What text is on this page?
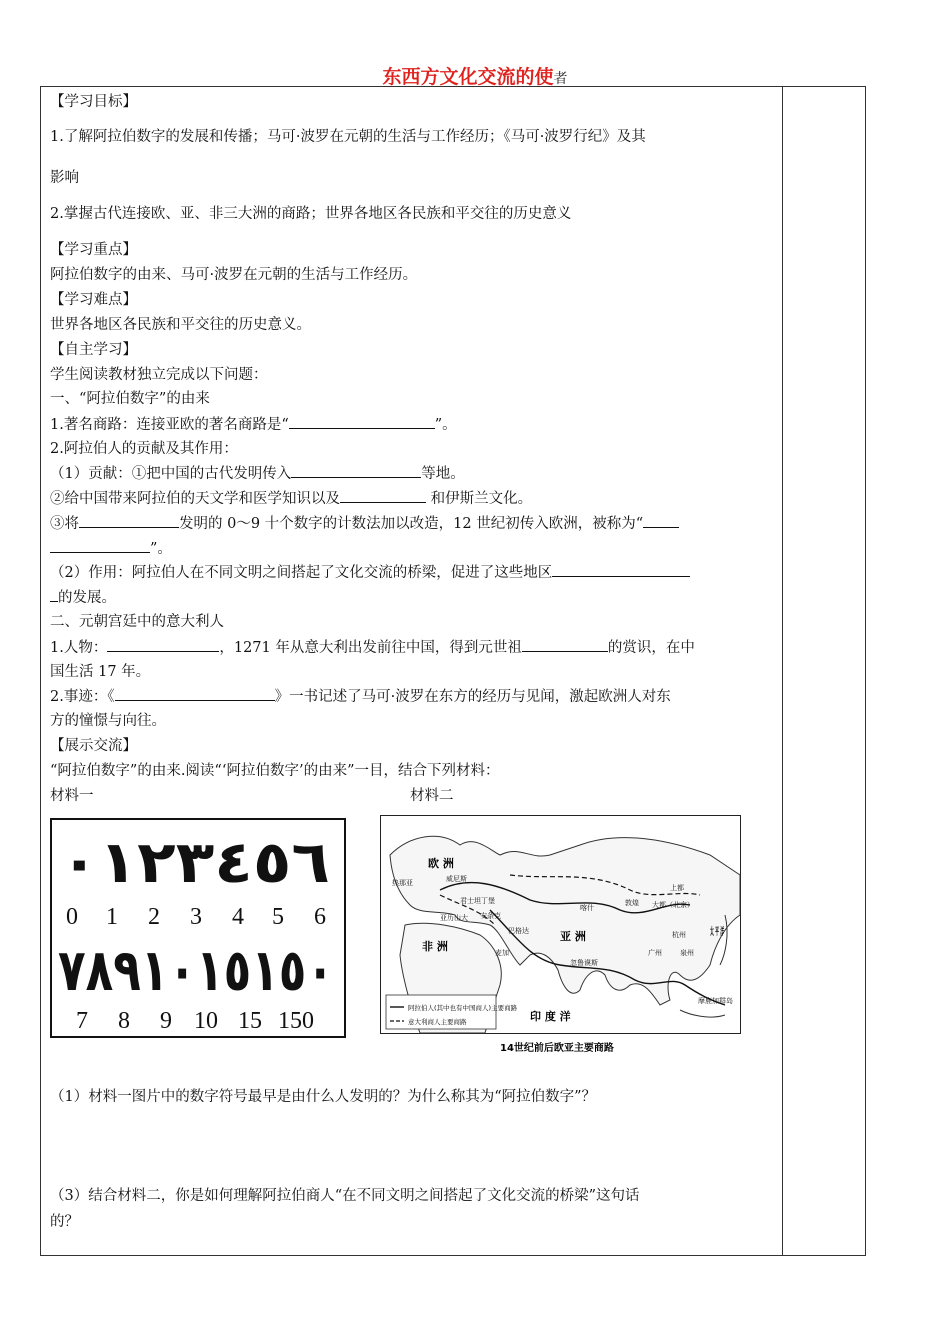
东西方文化交流的使者
【学习目标】
1.了解阿拉伯数字的发展和传播；马可·波罗在元朝的生活与工作经历；《马可·波罗行纪》及其
影响
2.掌握古代连接欧、亚、非三大洲的商路；世界各地区各民族和平交往的历史意义
【学习重点】
阿拉伯数字的由来、马可·波罗在元朝的生活与工作经历。
【学习难点】
世界各地区各民族和平交往的历史意义。
【自主学习】
学生阅读教材独立完成以下问题：
一、“阿拉伯数字”的由来
1.著名商路：连接亚欧的著名商路是“	”。
2.阿拉伯人的贡献及其作用：
（1）贡献：①把中国的古代发明传入	等地。
②给中国带来阿拉伯的天文学和医学知识以及	和伊斯兰文化。
③将	发明的 0～9 十个数字的计数法加以改造，12 世纪初传入欧洲，被称为“
”。
（2）作用：阿拉伯人在不同文明之间搭起了文化交流的桥梁，促进了这些地区
的发展。
二、元朝宫廷中的意大利人
1.人物：	，1271 年从意大利出发前往中国，得到元世祖	的赏识，在中
国生活 17 年。
2.事迹：《	》一书记述了马可·波罗在东方的经历与见闻，激起欧洲人对东
方的憧憬与向往。
【展示交流】
“阿拉伯数字”的由来.阅读“‘阿拉伯数字’的由来”一目，结合下列材料：
材料一	材料二
（1）材料一图片中的数字符号最早是由什么人发明的？为什么称其为“阿拉伯数字”？
（3）结合材料二，你是如何理解阿拉伯商人“在不同文明之间搭起了文化交流的桥梁”这句话
的？
٠١٢٣٤٥٦
0 1 2 3 4 5 6
٧٨٩١٠١٥١٥٠
7 8 9 10 15 150
欧 洲
亚 洲
非 洲
印 度 洋
热那亚	威尼斯
君士坦丁堡
亚历山大 安条克
巴格达
麦加
忽鲁谟斯
喀什
敦煌 大都（北京）
上都
杭州
广州	泉州
摩鹿加群岛
阿拉伯人(其中也有中国商人)主要商路
意大利商人主要商路
14世纪前后欧亚主要商路
